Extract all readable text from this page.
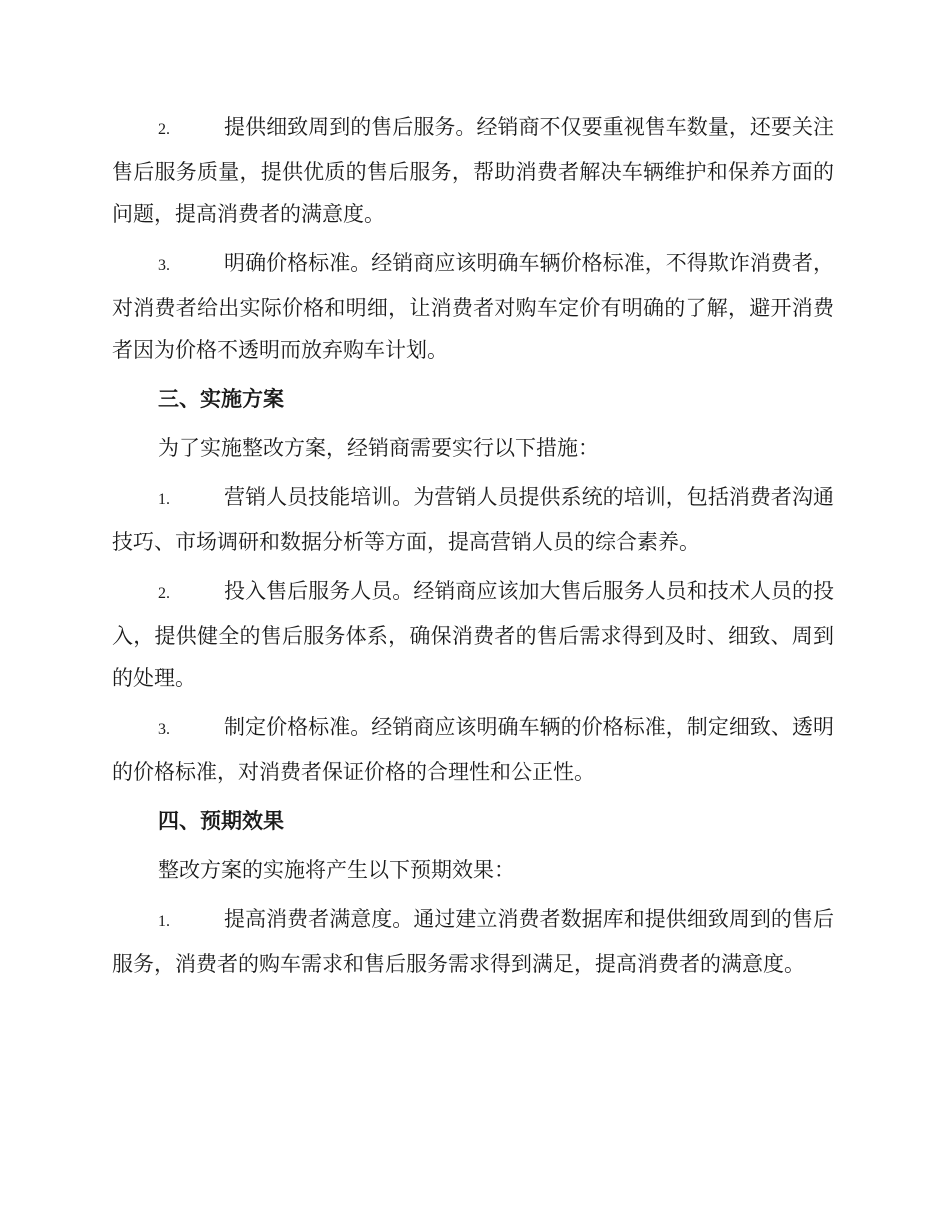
2.	提供细致周到的售后服务。经销商不仅要重视售车数量，还要关注售后服务质量，提供优质的售后服务，帮助消费者解决车辆维护和保养方面的问题，提高消费者的满意度。

3.	明确价格标准。经销商应该明确车辆价格标准，不得欺诈消费者，对消费者给出实际价格和明细，让消费者对购车定价有明确的了解，避开消费者因为价格不透明而放弃购车计划。

三、实施方案

为了实施整改方案，经销商需要实行以下措施：

1.	营销人员技能培训。为营销人员提供系统的培训，包括消费者沟通技巧、市场调研和数据分析等方面，提高营销人员的综合素养。

2.	投入售后服务人员。经销商应该加大售后服务人员和技术人员的投入，提供健全的售后服务体系，确保消费者的售后需求得到及时、细致、周到的处理。

3.	制定价格标准。经销商应该明确车辆的价格标准，制定细致、透明的价格标准，对消费者保证价格的合理性和公正性。

四、预期效果

整改方案的实施将产生以下预期效果：

1.	提高消费者满意度。通过建立消费者数据库和提供细致周到的售后服务，消费者的购车需求和售后服务需求得到满足，提高消费者的满意度。
